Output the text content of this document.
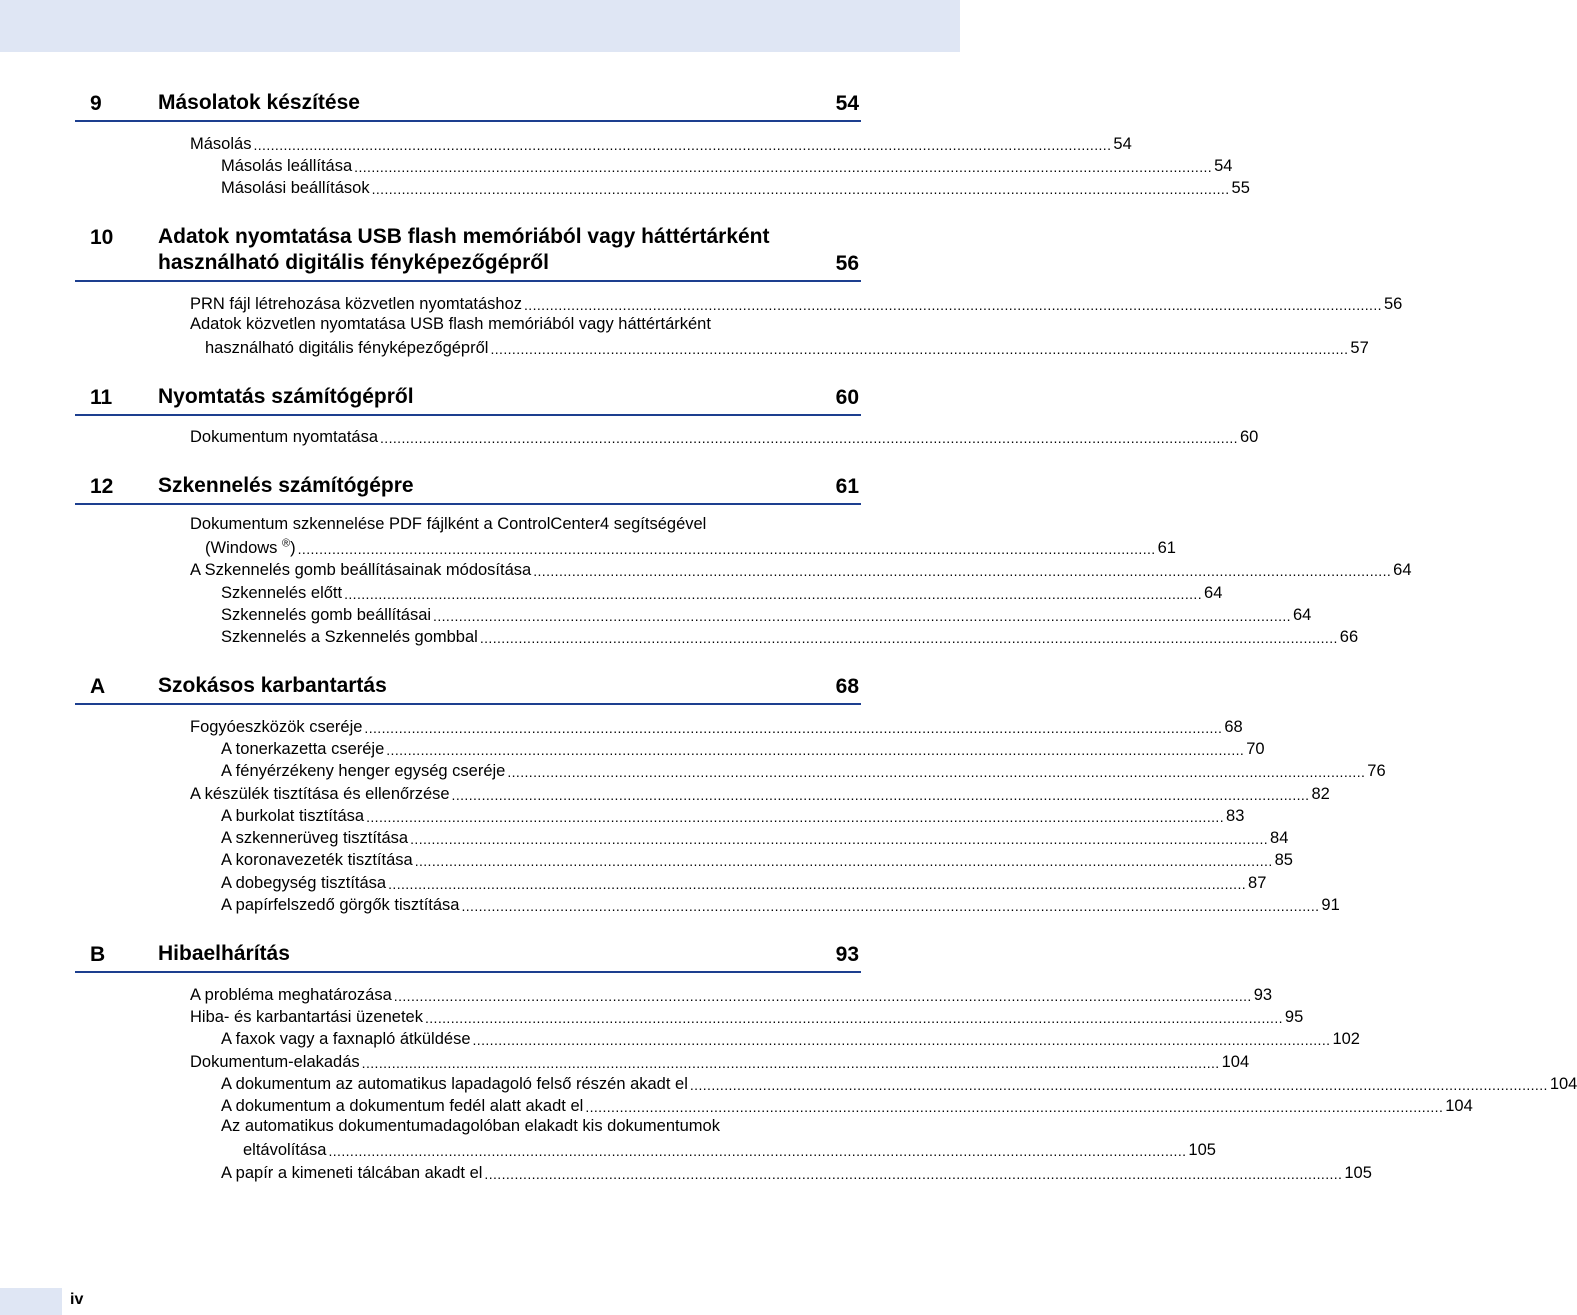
9	Másolatok készítése	54
Másolás ........................................................................................................................................................................................................ 54
Másolás leállítása ........................................................................................................................................................................................................ 54
Másolási beállítások ........................................................................................................................................................................................................ 55
10 Adatok nyomtatása USB flash memóriából vagy háttértárként
használható digitális fényképezőgépről	56
PRN fájl létrehozása közvetlen nyomtatáshoz ........................................................................................................................................................................................................ 56
Adatok közvetlen nyomtatása USB flash memóriából vagy háttértárként
használható digitális fényképezőgépről ........................................................................................................................................................................................................ 57
11 Nyomtatás számítógépről	60
Dokumentum nyomtatása ........................................................................................................................................................................................................ 60
12 Szkennelés számítógépre	61
Dokumentum szkennelése PDF fájlként a ControlCenter4 segítségével
(Windows ®) ........................................................................................................................................................................................................ 61
A Szkennelés gomb beállításainak módosítása ........................................................................................................................................................................................................ 64
Szkennelés előtt ........................................................................................................................................................................................................ 64
Szkennelés gomb beállításai ........................................................................................................................................................................................................ 64
Szkennelés a Szkennelés gombbal ........................................................................................................................................................................................................ 66
A	Szokásos karbantartás	68
Fogyóeszközök cseréje ........................................................................................................................................................................................................ 68
A tonerkazetta cseréje ........................................................................................................................................................................................................ 70
A fényérzékeny henger egység cseréje ........................................................................................................................................................................................................ 76
A készülék tisztítása és ellenőrzése ........................................................................................................................................................................................................ 82
A burkolat tisztítása ........................................................................................................................................................................................................ 83
A szkennerüveg tisztítása ........................................................................................................................................................................................................ 84
A koronavezeték tisztítása ........................................................................................................................................................................................................ 85
A dobegység tisztítása ........................................................................................................................................................................................................ 87
A papírfelszedő görgők tisztítása ........................................................................................................................................................................................................ 91
B	Hibaelhárítás	93
A probléma meghatározása ........................................................................................................................................................................................................ 93
Hiba- és karbantartási üzenetek ........................................................................................................................................................................................................ 95
A faxok vagy a faxnapló átküldése ........................................................................................................................................................................................................ 102
Dokumentum-elakadás ........................................................................................................................................................................................................ 104
A dokumentum az automatikus lapadagoló felső részén akadt el ........................................................................................................................................................................................................ 104
A dokumentum a dokumentum fedél alatt akadt el ........................................................................................................................................................................................................ 104
Az automatikus dokumentumadagolóban elakadt kis dokumentumok
eltávolítása ........................................................................................................................................................................................................ 105
A papír a kimeneti tálcában akadt el ........................................................................................................................................................................................................ 105
iv
